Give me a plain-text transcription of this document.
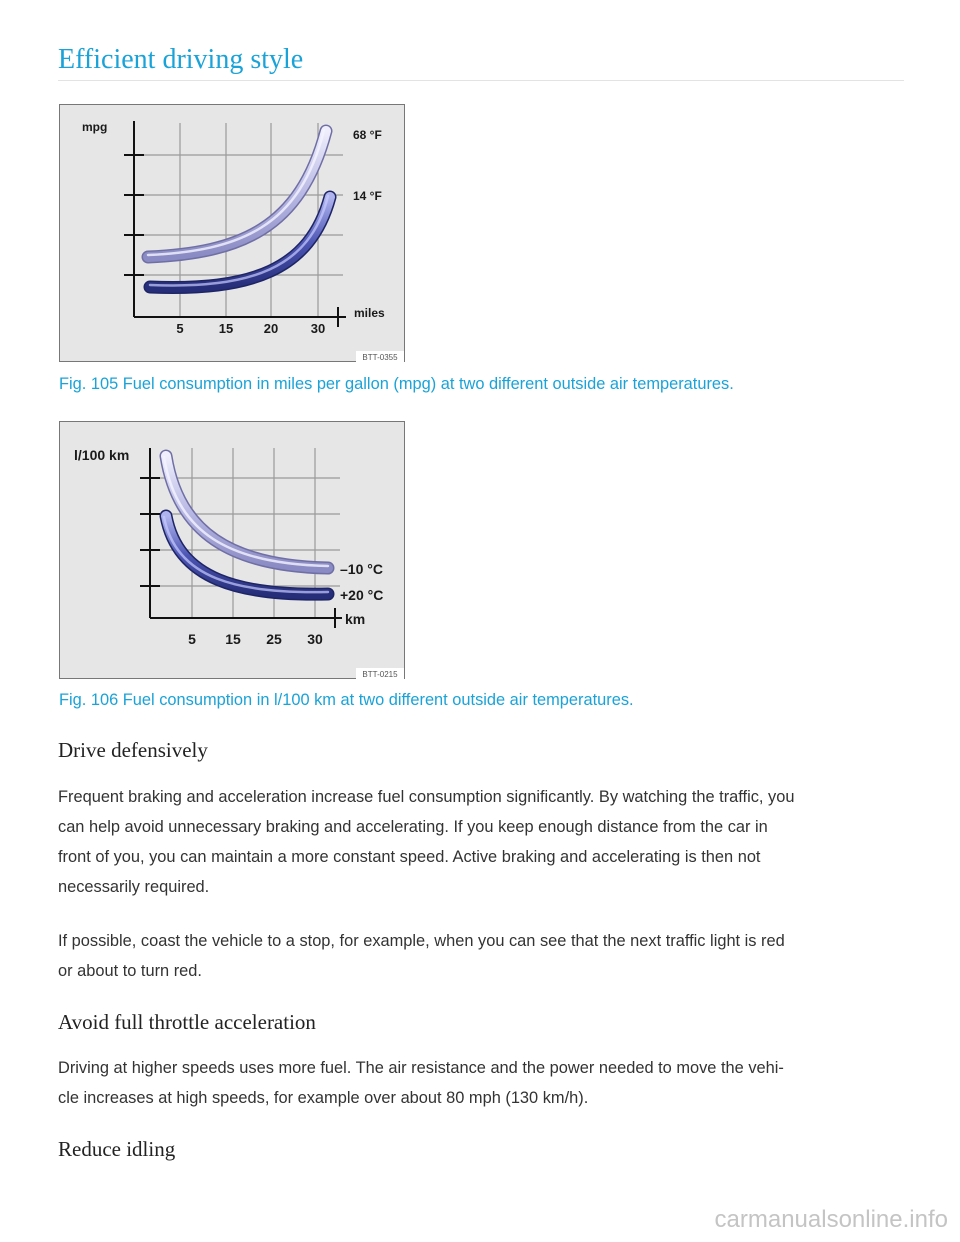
Efficient driving style
mpg
miles
5	15 20	30
68 °F
14 °F
BTT-0355

Fig. 105 Fuel consumption in miles per gallon (mpg) at two different outside air temperatures.

l/100 km
km
5 15 25 30
–10 °C
+20 °C
BTT-0215

Fig. 106 Fuel consumption in l/100 km at two different outside air temperatures.

Drive defensively
Frequent braking and acceleration increase fuel consumption significantly. By watching the traffic, you
can help avoid unnecessary braking and accelerating. If you keep enough distance from the car in
front of you, you can maintain a more constant speed. Active braking and accelerating is then not
necessarily required.
If possible, coast the vehicle to a stop, for example, when you can see that the next traffic light is red
or about to turn red.
Avoid full throttle acceleration
Driving at higher speeds uses more fuel. The air resistance and the power needed to move the vehi-
cle increases at high speeds, for example over about 80 mph (130 km/h).
Reduce idling
carmanualsonline.info
